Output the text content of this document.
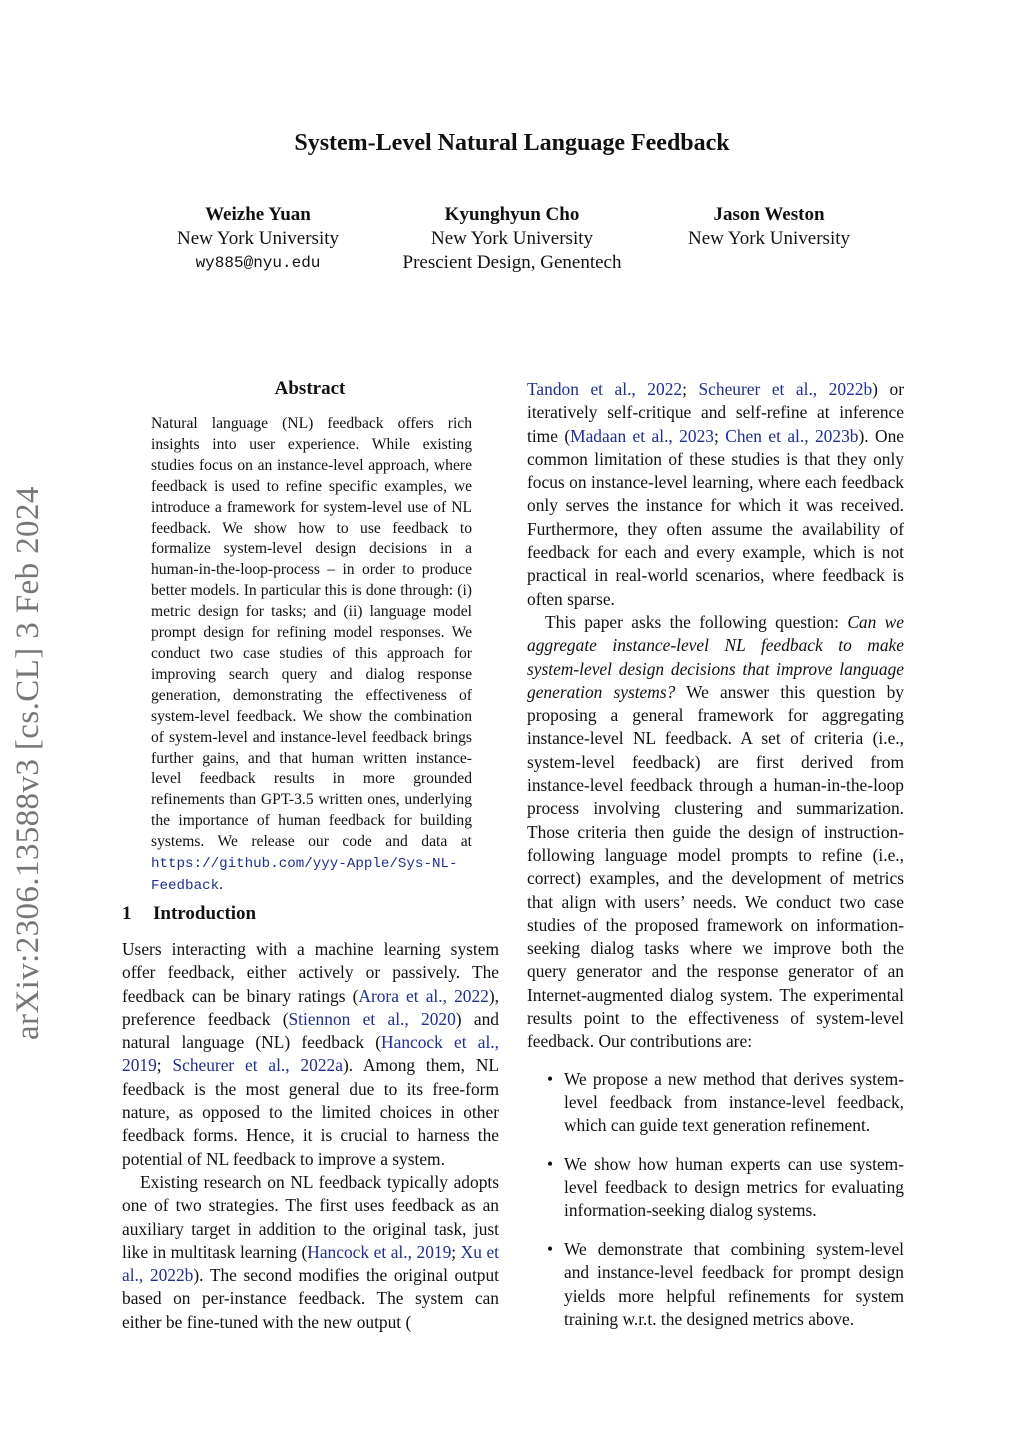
arXiv:2306.13588v3 [cs.CL] 3 Feb 2024
System-Level Natural Language Feedback
Weizhe Yuan
New York University
wy885@nyu.edu
Kyunghyun Cho
New York University
Prescient Design, Genentech
Jason Weston
New York University
Abstract
Natural language (NL) feedback offers rich insights into user experience. While existing studies focus on an instance-level approach, where feedback is used to refine specific examples, we introduce a framework for system-level use of NL feedback. We show how to use feedback to formalize system-level design decisions in a human-in-the-loop-process – in order to produce better models. In particular this is done through: (i) metric design for tasks; and (ii) language model prompt design for refining model responses. We conduct two case studies of this approach for improving search query and dialog response generation, demonstrating the effectiveness of system-level feedback. We show the combination of system-level and instance-level feedback brings further gains, and that human written instance-level feedback results in more grounded refinements than GPT-3.5 written ones, underlying the importance of human feedback for building systems. We release our code and data at https://github.com/yyy-Apple/Sys-NL-Feedback.
1 Introduction

Users interacting with a machine learning system offer feedback, either actively or passively. The feedback can be binary ratings (Arora et al., 2022), preference feedback (Stiennon et al., 2020) and natural language (NL) feedback (Hancock et al., 2019; Scheurer et al., 2022a). Among them, NL feedback is the most general due to its free-form nature, as opposed to the limited choices in other feedback forms. Hence, it is crucial to harness the potential of NL feedback to improve a system.

Existing research on NL feedback typically adopts one of two strategies. The first uses feedback as an auxiliary target in addition to the original task, just like in multitask learning (Hancock et al., 2019; Xu et al., 2022b). The second modifies the original output based on per-instance feedback. The system can either be fine-tuned with the new output (

Tandon et al., 2022; Scheurer et al., 2022b) or iteratively self-critique and self-refine at inference time (Madaan et al., 2023; Chen et al., 2023b). One common limitation of these studies is that they only focus on instance-level learning, where each feedback only serves the instance for which it was received. Furthermore, they often assume the availability of feedback for each and every example, which is not practical in real-world scenarios, where feedback is often sparse.

This paper asks the following question: Can we aggregate instance-level NL feedback to make system-level design decisions that improve language generation systems? We answer this question by proposing a general framework for aggregating instance-level NL feedback. A set of criteria (i.e., system-level feedback) are first derived from instance-level feedback through a human-in-the-loop process involving clustering and summarization. Those criteria then guide the design of instruction-following language model prompts to refine (i.e., correct) examples, and the development of metrics that align with users’ needs. We conduct two case studies of the proposed framework on information-seeking dialog tasks where we improve both the query generator and the response generator of an Internet-augmented dialog system. The experimental results point to the effectiveness of system-level feedback. Our contributions are:

• We propose a new method that derives system-level feedback from instance-level feedback, which can guide text generation refinement.
• We show how human experts can use system-level feedback to design metrics for evaluating information-seeking dialog systems.
• We demonstrate that combining system-level and instance-level feedback for prompt design yields more helpful refinements for system training w.r.t. the designed metrics above.
